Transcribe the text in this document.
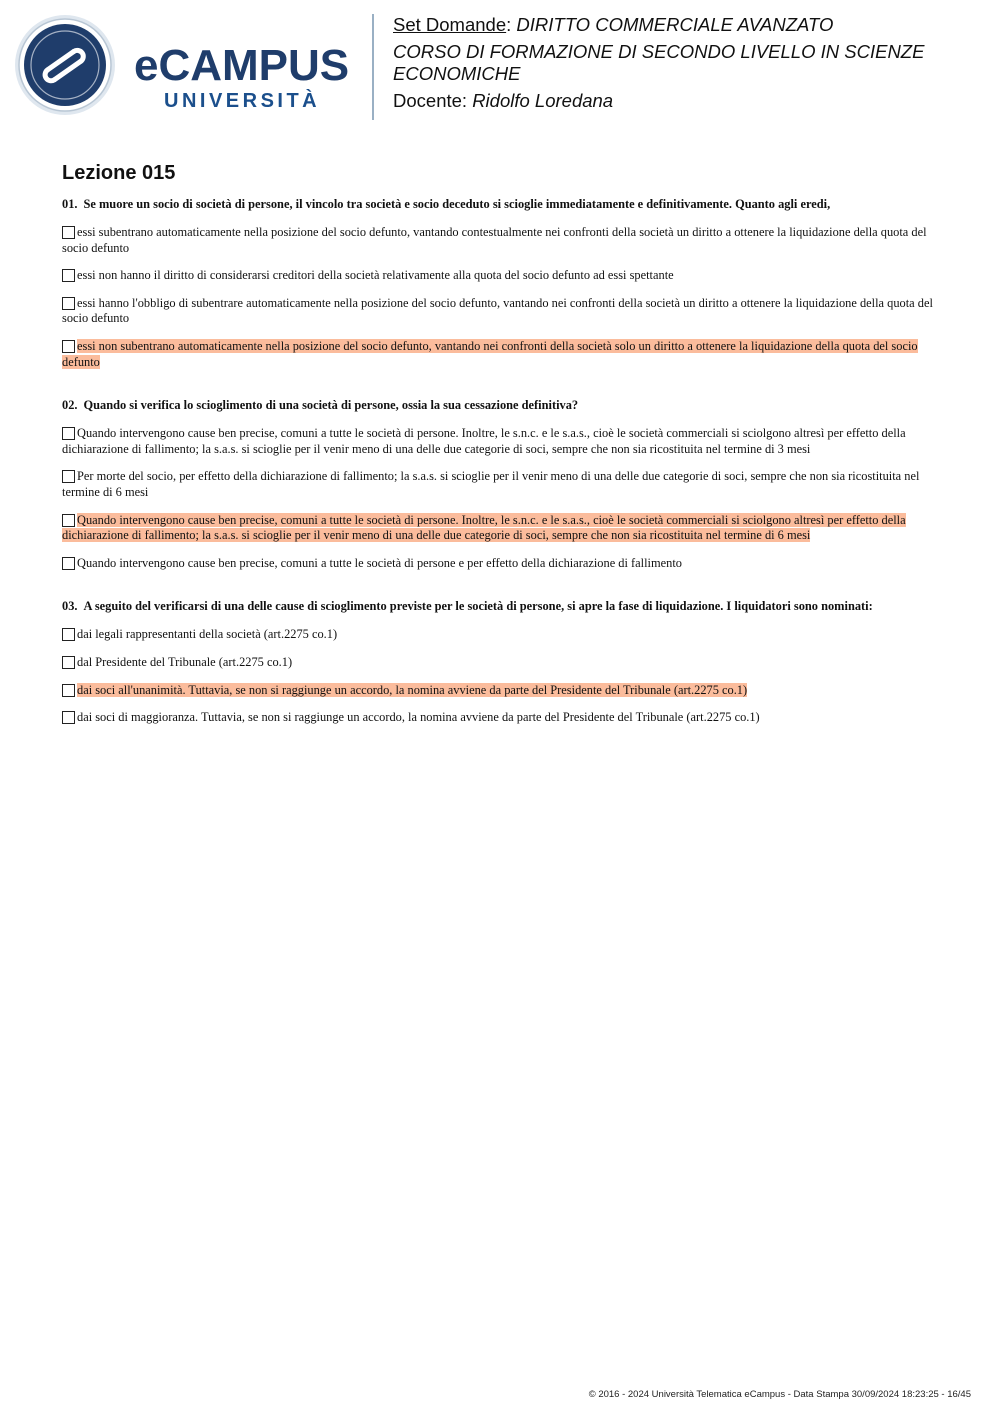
eCAMPUS
UNIVERSITÀ
Set Domande: DIRITTO COMMERCIALE AVANZATO
CORSO DI FORMAZIONE DI SECONDO LIVELLO IN SCIENZE ECONOMICHE
Docente: Ridolfo Loredana
Lezione 015
01. Se muore un socio di società di persone, il vincolo tra società e socio deceduto si scioglie immediatamente e definitivamente. Quanto agli eredi,
essi subentrano automaticamente nella posizione del socio defunto, vantando contestualmente nei confronti della società un diritto a ottenere la liquidazione della quota del socio defunto
essi non hanno il diritto di considerarsi creditori della società relativamente alla quota del socio defunto ad essi spettante
essi hanno l'obbligo di subentrare automaticamente nella posizione del socio defunto, vantando nei confronti della società un diritto a ottenere la liquidazione della quota del socio defunto
essi non subentrano automaticamente nella posizione del socio defunto, vantando nei confronti della società solo un diritto a ottenere la liquidazione della quota del socio defunto
02. Quando si verifica lo scioglimento di una società di persone, ossia la sua cessazione definitiva?
Quando intervengono cause ben precise, comuni a tutte le società di persone. Inoltre, le s.n.c. e le s.a.s., cioè le società commerciali si sciolgono altresì per effetto della dichiarazione di fallimento; la s.a.s. si scioglie per il venir meno di una delle due categorie di soci, sempre che non sia ricostituita nel termine di 3 mesi
Per morte del socio, per effetto della dichiarazione di fallimento; la s.a.s. si scioglie per il venir meno di una delle due categorie di soci, sempre che non sia ricostituita nel termine di 6 mesi
Quando intervengono cause ben precise, comuni a tutte le società di persone. Inoltre, le s.n.c. e le s.a.s., cioè le società commerciali si sciolgono altresì per effetto della dichiarazione di fallimento; la s.a.s. si scioglie per il venir meno di una delle due categorie di soci, sempre che non sia ricostituita nel termine di 6 mesi
Quando intervengono cause ben precise, comuni a tutte le società di persone e per effetto della dichiarazione di fallimento
03. A seguito del verificarsi di una delle cause di scioglimento previste per le società di persone, si apre la fase di liquidazione. I liquidatori sono nominati:
dai legali rappresentanti della società (art.2275 co.1)
dal Presidente del Tribunale (art.2275 co.1)
dai soci all'unanimità. Tuttavia, se non si raggiunge un accordo, la nomina avviene da parte del Presidente del Tribunale (art.2275 co.1)
dai soci di maggioranza. Tuttavia, se non si raggiunge un accordo, la nomina avviene da parte del Presidente del Tribunale (art.2275 co.1)
© 2016 - 2024 Università Telematica eCampus - Data Stampa 30/09/2024 18:23:25 - 16/45
